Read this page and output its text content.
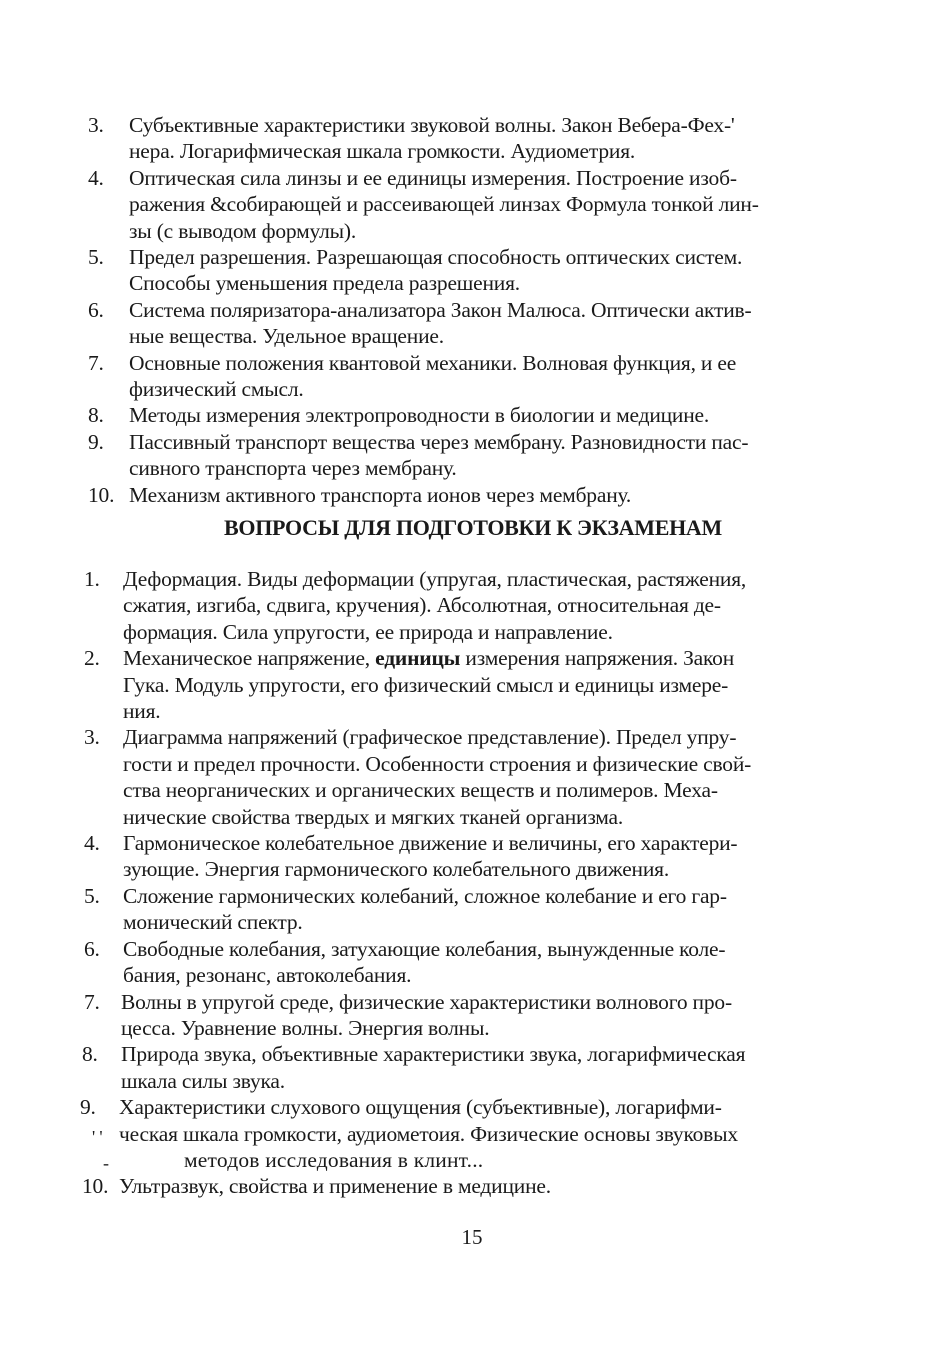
3. Субъективные характеристики звуковой волны. Закон Вебера-Фех-'
нера. Логарифмическая шкала громкости. Аудиометрия.
4. Оптическая сила линзы и ее единицы измерения. Построение изоб-
ражения &собирающей и рассеивающей линзах Формула тонкой лин-
зы (с выводом формулы).
5. Предел разрешения. Разрешающая способность оптических систем.
Способы уменьшения предела разрешения.
6. Система поляризатора-анализатора Закон Малюса. Оптически актив-
ные вещества. Удельное вращение.
7. Основные положения квантовой механики. Волновая функция, и ее
физический смысл.
8. Методы измерения электропроводности в биологии и медицине.
9. Пассивный транспорт вещества через мембрану. Разновидности пас-
сивного транспорта через мембрану.
10. Механизм активного транспорта ионов через мембрану.
ВОПРОСЫ ДЛЯ ПОДГОТОВКИ К ЭКЗАМЕНАМ
1. Деформация. Виды деформации (упругая, пластическая, растяжения,
сжатия, изгиба, сдвига, кручения). Абсолютная, относительная де-
формация. Сила упругости, ее природа и направление.
2. Механическое напряжение, единицы измерения напряжения. Закон
Гука. Модуль упругости, его физический смысл и единицы измере-
ния.
3. Диаграмма напряжений (графическое представление). Предел упру-
гости и предел прочности. Особенности строения и физические свой-
ства неорганических и органических веществ и полимеров. Меха-
нические свойства твердых и мягких тканей организма.
4. Гармоническое колебательное движение и величины, его характери-
зующие. Энергия гармонического колебательного движения.
5. Сложение гармонических колебаний, сложное колебание и его гар-
монический спектр.
6. Свободные колебания, затухающие колебания, вынужденные коле-
бания, резонанс, автоколебания.
7. Волны в упругой среде, физические характеристики волнового про-
цесса. Уравнение волны. Энергия волны.
8. Природа звука, объективные характеристики звука, логарифмическая
шкала силы звука.
9.
' '
-
Характеристики слухового ощущения (субъективные), логарифми-
ческая шкала громкости, аудиометоия. Физические основы звуковых
методов исследования в клинт...
10. Ультразвук, свойства и применение в медицине.
15
